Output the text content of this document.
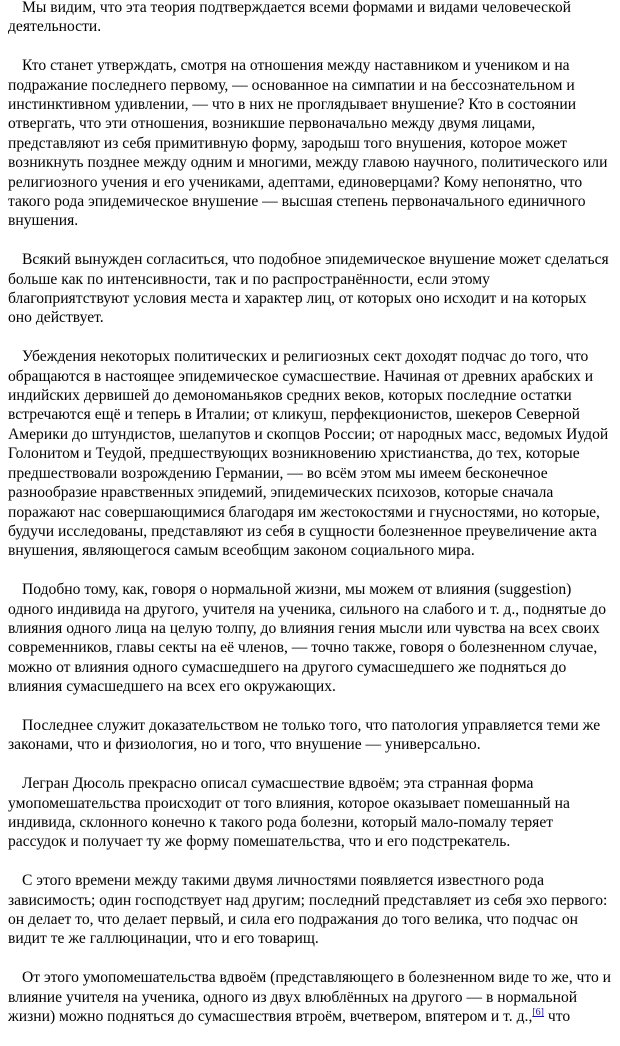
Мы видим, что эта теория подтверждается всеми формами и видами человеческой деятельности.

Кто станет утверждать, смотря на отношения между наставником и учеником и на подражание последнего первому, — основанное на симпатии и на бессознательном и инстинктивном удивлении, — что в них не проглядывает внушение? Кто в состоянии отвергать, что эти отношения, возникшие первоначально между двумя лицами, представляют из себя примитивную форму, зародыш того внушения, которое может возникнуть позднее между одним и многими, между главою научного, политического или религиозного учения и его учениками, адептами, единоверцами? Кому непонятно, что такого рода эпидемическое внушение — высшая степень первоначального единичного внушения.

Всякий вынужден согласиться, что подобное эпидемическое внушение может сделаться больше как по интенсивности, так и по распространённости, если этому благоприятствуют условия места и характер лиц, от которых оно исходит и на которых оно действует.

Убеждения некоторых политических и религиозных сект доходят подчас до того, что обращаются в настоящее эпидемическое сумасшествие. Начиная от древних арабских и индийских дервишей до демономаньяков средних веков, которых последние остатки встречаются ещё и теперь в Италии; от кликуш, перфекционистов, шекеров Северной Америки до штундистов, шелапутов и скопцов России; от народных масс, ведомых Иудой Голонитом и Теудой, предшествующих возникновению христианства, до тех, которые предшествовали возрождению Германии, — во всём этом мы имеем бесконечное разнообразие нравственных эпидемий, эпидемических психозов, которые сначала поражают нас совершающимися благодаря им жестокостями и гнусностями, но которые, будучи исследованы, представляют из себя в сущности болезненное преувеличение акта внушения, являющегося самым всеобщим законом социального мира.

Подобно тому, как, говоря о нормальной жизни, мы можем от влияния (suggestion) одного индивида на другого, учителя на ученика, сильного на слабого и т. д., поднятые до влияния одного лица на целую толпу, до влияния гения мысли или чувства на всех своих современников, главы секты на её членов, — точно также, говоря о болезненном случае, можно от влияния одного сумасшедшего на другого сумасшедшего же подняться до влияния сумасшедшего на всех его окружающих.

Последнее служит доказательством не только того, что патология управляется теми же законами, что и физиология, но и того, что внушение — универсально.

Легран Дюсоль прекрасно описал сумасшествие вдвоём; эта странная форма умопомешательства происходит от того влияния, которое оказывает помешанный на индивида, склонного конечно к такого рода болезни, который мало-помалу теряет рассудок и получает ту же форму помешательства, что и его подстрекатель.

С этого времени между такими двумя личностями появляется известного рода зависимость; один господствует над другим; последний представляет из себя эхо первого: он делает то, что делает первый, и сила его подражания до того велика, что подчас он видит те же галлюцинации, что и его товарищ.

От этого умопомешательства вдвоём (представляющего в болезненном виде то же, что и влияние учителя на ученика, одного из двух влюблённых на другого — в нормальной жизни) можно подняться до сумасшествия втроём, вчетвером, впятером и т. д.,[6] что
